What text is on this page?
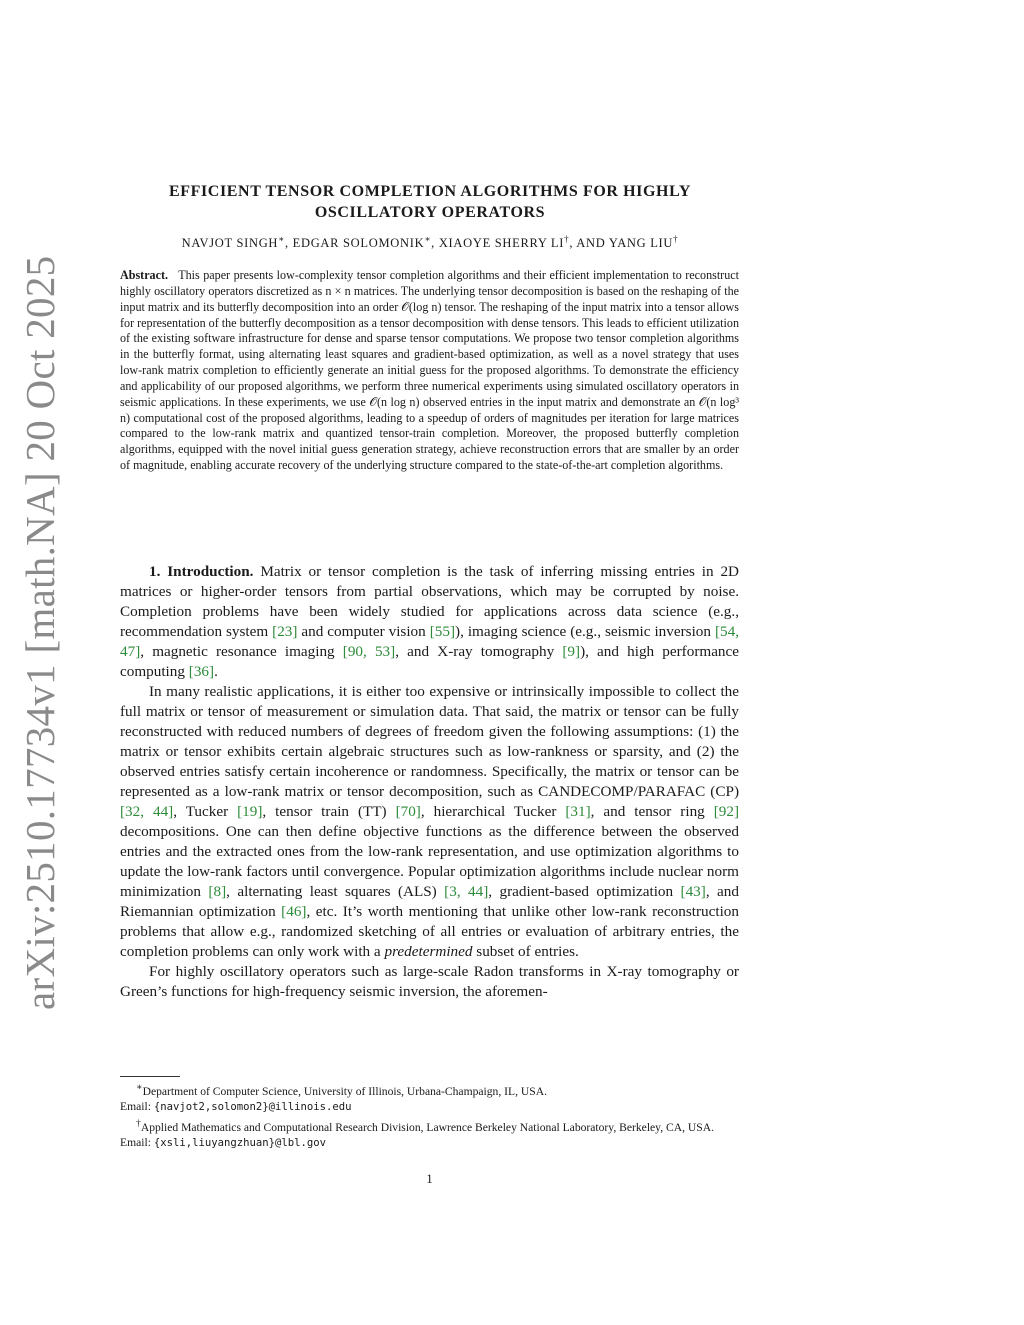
arXiv:2510.17734v1 [math.NA] 20 Oct 2025
EFFICIENT TENSOR COMPLETION ALGORITHMS FOR HIGHLY OSCILLATORY OPERATORS
NAVJOT SINGH∗, EDGAR SOLOMONIK∗, XIAOYE SHERRY LI†, AND YANG LIU†
Abstract. This paper presents low-complexity tensor completion algorithms and their efficient implementation to reconstruct highly oscillatory operators discretized as n × n matrices. The underlying tensor decomposition is based on the reshaping of the input matrix and its butterfly decomposition into an order 𝒪(log n) tensor. The reshaping of the input matrix into a tensor allows for representation of the butterfly decomposition as a tensor decomposition with dense tensors. This leads to efficient utilization of the existing software infrastructure for dense and sparse tensor computations. We propose two tensor completion algorithms in the butterfly format, using alternating least squares and gradient-based optimization, as well as a novel strategy that uses low-rank matrix completion to efficiently generate an initial guess for the proposed algorithms. To demonstrate the efficiency and applicability of our proposed algorithms, we perform three numerical experiments using simulated oscillatory operators in seismic applications. In these experiments, we use 𝒪(n log n) observed entries in the input matrix and demonstrate an 𝒪(n log³ n) computational cost of the proposed algorithms, leading to a speedup of orders of magnitudes per iteration for large matrices compared to the low-rank matrix and quantized tensor-train completion. Moreover, the proposed butterfly completion algorithms, equipped with the novel initial guess generation strategy, achieve reconstruction errors that are smaller by an order of magnitude, enabling accurate recovery of the underlying structure compared to the state-of-the-art completion algorithms.

1. Introduction. Matrix or tensor completion is the task of inferring missing entries in 2D matrices or higher-order tensors from partial observations, which may be corrupted by noise. Completion problems have been widely studied for applications across data science (e.g., recommendation system [23] and computer vision [55]), imaging science (e.g., seismic inversion [54, 47], magnetic resonance imaging [90, 53], and X-ray tomography [9]), and high performance computing [36].

In many realistic applications, it is either too expensive or intrinsically impossible to collect the full matrix or tensor of measurement or simulation data. That said, the matrix or tensor can be fully reconstructed with reduced numbers of degrees of freedom given the following assumptions: (1) the matrix or tensor exhibits certain algebraic structures such as low-rankness or sparsity, and (2) the observed entries satisfy certain incoherence or randomness. Specifically, the matrix or tensor can be represented as a low-rank matrix or tensor decomposition, such as CANDECOMP/PARAFAC (CP) [32, 44], Tucker [19], tensor train (TT) [70], hierarchical Tucker [31], and tensor ring [92] decompositions. One can then define objective functions as the difference between the observed entries and the extracted ones from the low-rank representation, and use optimization algorithms to update the low-rank factors until convergence. Popular optimization algorithms include nuclear norm minimization [8], alternating least squares (ALS) [3, 44], gradient-based optimization [43], and Riemannian optimization [46], etc. It’s worth mentioning that unlike other low-rank reconstruction problems that allow e.g., randomized sketching of all entries or evaluation of arbitrary entries, the completion problems can only work with a predetermined subset of entries.

For highly oscillatory operators such as large-scale Radon transforms in X-ray tomography or Green’s functions for high-frequency seismic inversion, the aforemen-

∗Department of Computer Science, University of Illinois, Urbana-Champaign, IL, USA.

Email: {navjot2,solomon2}@illinois.edu

†Applied Mathematics and Computational Research Division, Lawrence Berkeley National Laboratory, Berkeley, CA, USA.

Email: {xsli,liuyangzhuan}@lbl.gov

1
